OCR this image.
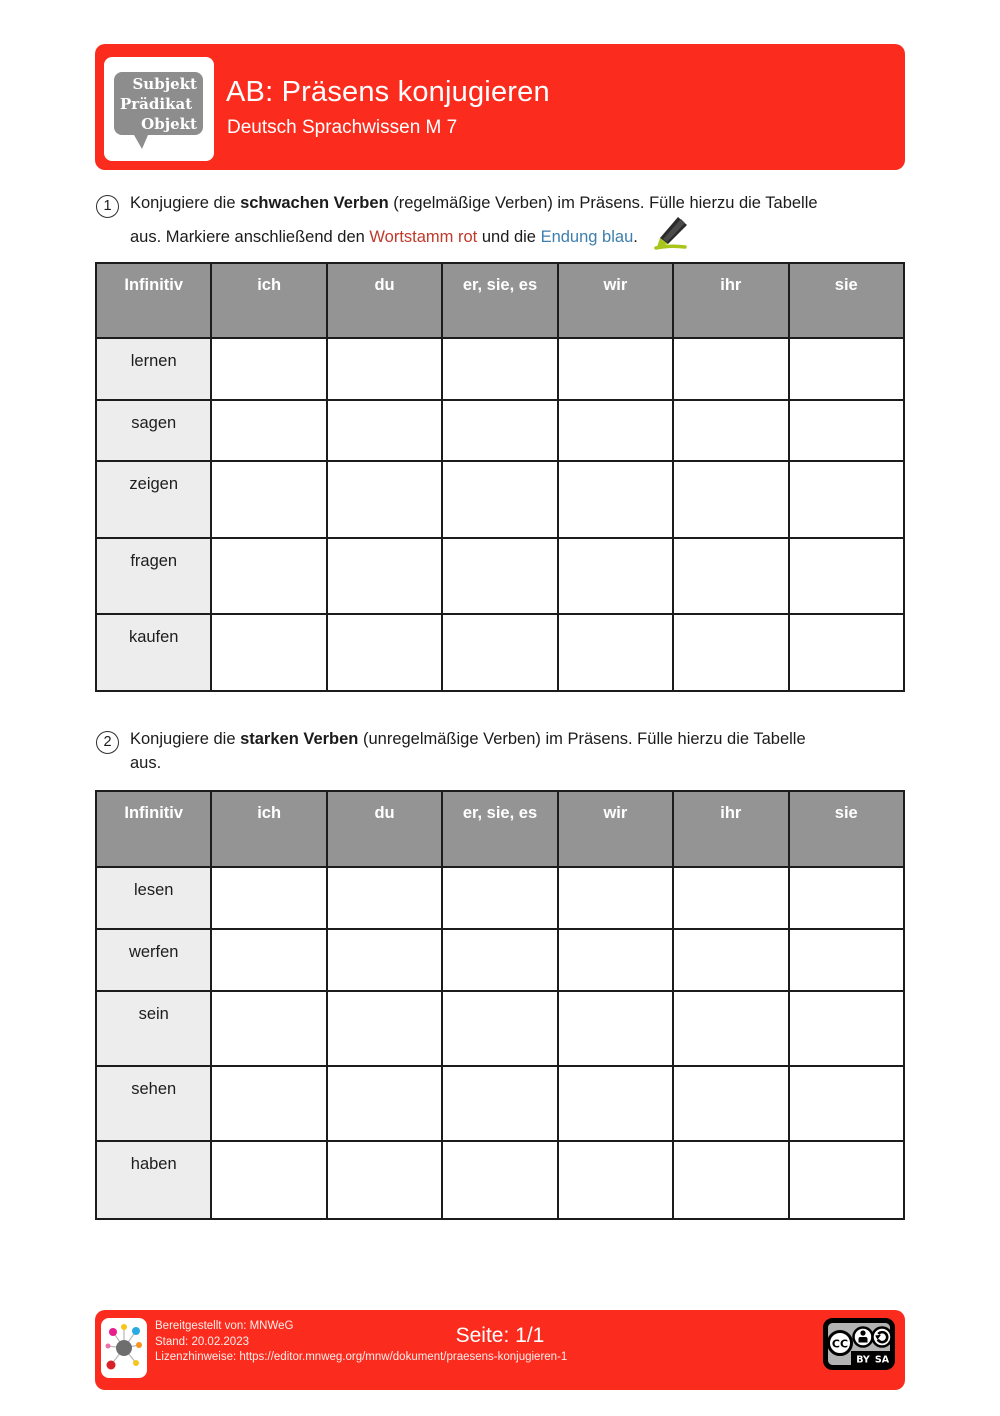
Subjekt
Prädikat
Objekt
AB: Präsens konjugieren
Deutsch Sprachwissen M 7
1	Konjugiere die schwachen Verben (regelmäßige Verben) im Präsens. Fülle hierzu die Tabelle
aus. Markiere anschließend den Wortstamm rot und die Endung blau.
Infinitiv	ich	du	er, sie, es	wir	ihr	sie
lernen						
sagen						
zeigen						
fragen						
kaufen						
2	Konjugiere die starken Verben (unregelmäßige Verben) im Präsens. Fülle hierzu die Tabelle
aus.
Infinitiv	ich	du	er, sie, es	wir	ihr	sie
lesen						
werfen						
sein						
sehen						
haben						
Bereitgestellt von: MNWeG
Stand: 20.02.2023
Lizenzhinweise: https://editor.mnweg.org/mnw/dokument/praesens-konjugieren-1
Seite: 1/1	CC
BY SA
